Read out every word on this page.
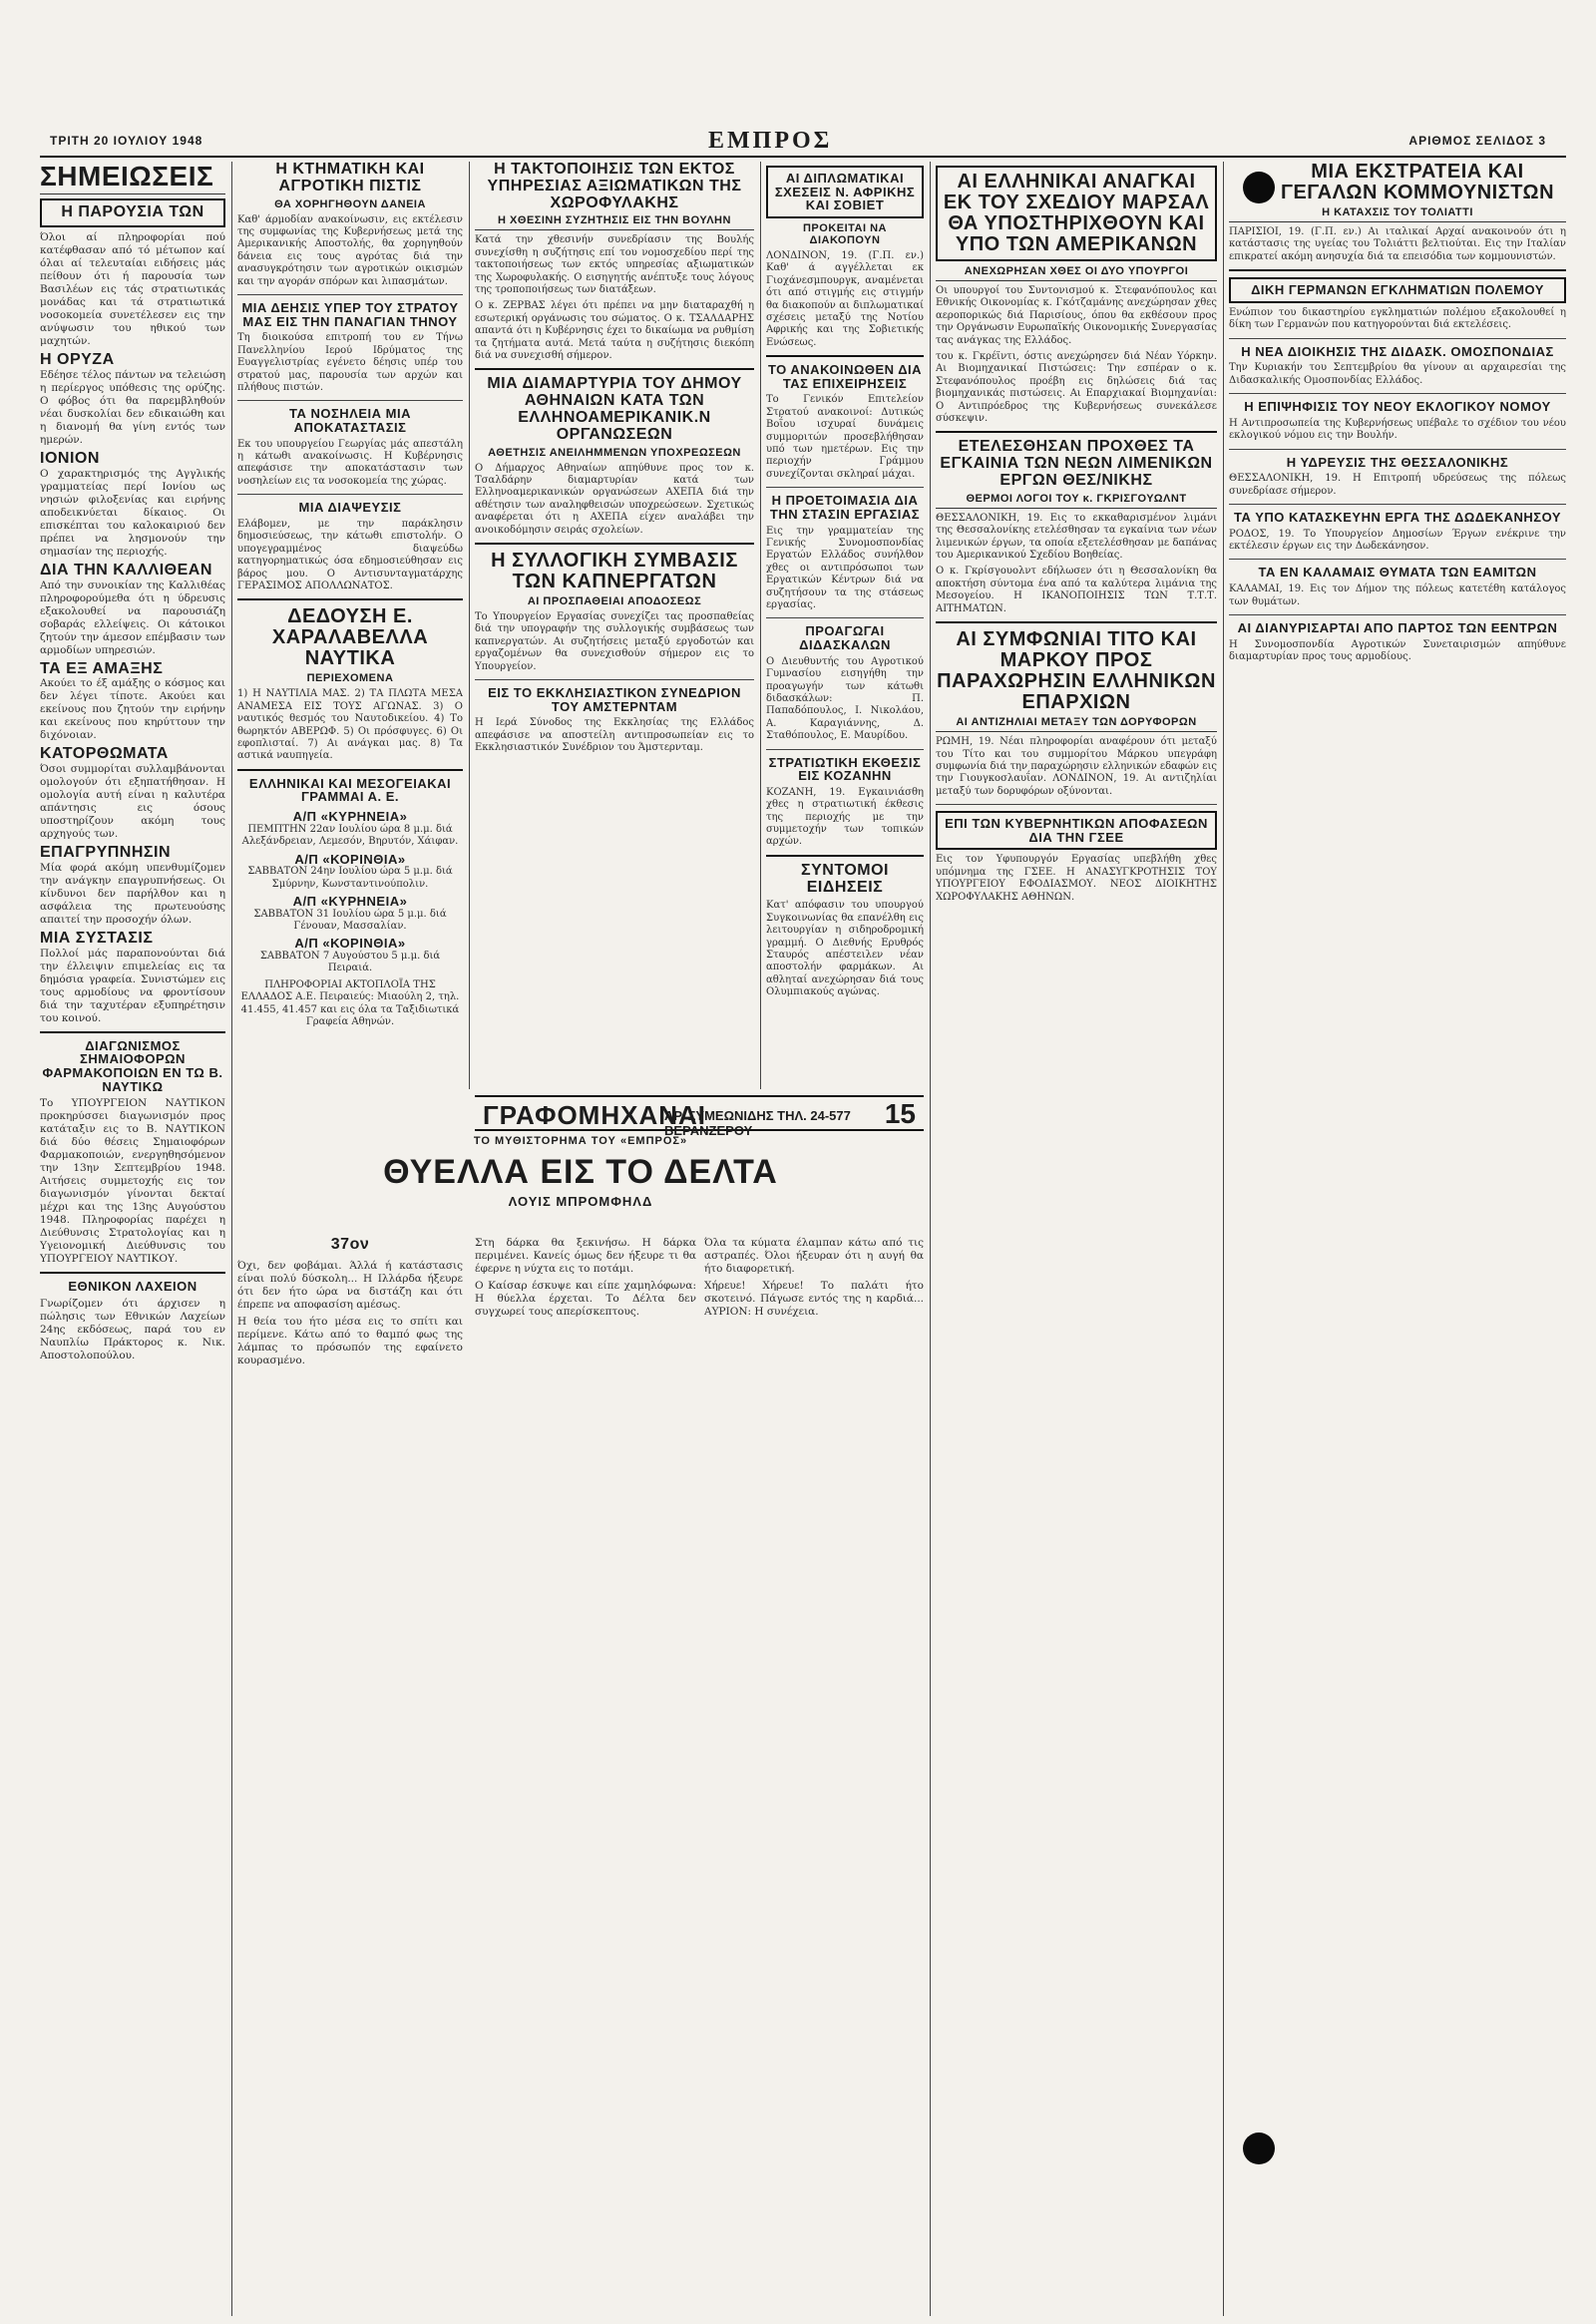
ΤΡΙΤΗ 20 ΙΟΥΛΙΟΥ 1948	ΕΜΠΡΟΣ	ΑΡΙΘΜΟΣ ΣΕΛΙΔΟΣ 3
ΣΗΜΕΙΩΣΕΙΣ
Η ΠΑΡΟΥΣΙΑ ΤΩΝ

Όλοι αί πληροφορίαι πού κατέφθασαν από τό μέτωπον καί όλαι αί τελευταίαι ειδήσεις μάς πείθουν ότι ή παρουσία των Βασιλέων εις τάς στρατιωτικάς μονάδας και τά στρατιωτικά νοσοκομεία συνετέλεσεν εις την ανύψωσιν του ηθικού των μαχητών.

Η ΟΡΥΖΑ

Εδέησε τέλος πάντων να τελειώση η περίεργος υπόθεσις της ορύζης. Ο φόβος ότι θα παρεμβληθούν νέαι δυσκολίαι δεν εδικαιώθη και η διανομή θα γίνη εντός των ημερών.

ΙΟΝΙΟΝ

Ο χαρακτηρισμός της Αγγλικής γραμματείας περί Ιονίου ως νησιών φιλοξενίας και ειρήνης αποδεικνύεται δίκαιος. Οι επισκέπται του καλοκαιριού δεν πρέπει να λησμονούν την σημασίαν της περιοχής.

ΔΙΑ ΤΗΝ ΚΑΛΛΙΘΕΑΝ

Από την συνοικίαν της Καλλιθέας πληροφορούμεθα ότι η ύδρευσις εξακολουθεί να παρουσιάζη σοβαράς ελλείψεις. Οι κάτοικοι ζητούν την άμεσον επέμβασιν των αρμοδίων υπηρεσιών.

ΤΑ ΕΞ ΑΜΑΞΗΣ

Ακούει το έξ αμάξης ο κόσμος και δεν λέγει τίποτε. Ακούει και εκείνους που ζητούν την ειρήνην και εκείνους που κηρύττουν την διχόνοιαν.

ΚΑΤΟΡΘΩΜΑΤΑ

Όσοι συμμορίται συλλαμβάνονται ομολογούν ότι εξηπατήθησαν. Η ομολογία αυτή είναι η καλυτέρα απάντησις εις όσους υποστηρίζουν ακόμη τους αρχηγούς των.

ΕΠΑΓΡΥΠΝΗΣΙΝ

Μία φορά ακόμη υπενθυμίζομεν την ανάγκην επαγρυπνήσεως. Οι κίνδυνοι δεν παρήλθον και η ασφάλεια της πρωτευούσης απαιτεί την προσοχήν όλων.

ΜΙΑ ΣΥΣΤΑΣΙΣ

Πολλοί μάς παραπονούνται διά την έλλειψιν επιμελείας εις τα δημόσια γραφεία. Συνιστώμεν εις τους αρμοδίους να φροντίσουν διά την ταχυτέραν εξυπηρέτησιν του κοινού.

ΔΙΑΓΩΝΙΣΜΟΣ ΣΗΜΑΙΟΦΟΡΩΝ ΦΑΡΜΑΚΟΠΟΙΩΝ ΕΝ ΤΩ Β. ΝΑΥΤΙΚΩ

Το ΥΠΟΥΡΓΕΙΟΝ ΝΑΥΤΙΚΟΝ προκηρύσσει διαγωνισμόν προς κατάταξιν εις το Β. ΝΑΥΤΙΚΟΝ διά δύο θέσεις Σημαιοφόρων Φαρμακοποιών, ενεργηθησόμενον την 13ην Σεπτεμβρίου 1948. Αιτήσεις συμμετοχής εις τον διαγωνισμόν γίνονται δεκταί μέχρι και της 13ης Αυγούστου 1948. Πληροφορίας παρέχει η Διεύθυνσις Στρατολογίας και η Υγειονομική Διεύθυνσις του ΥΠΟΥΡΓΕΙΟΥ ΝΑΥΤΙΚΟΥ.

ΕΘΝΙΚΟΝ ΛΑΧΕΙΟΝ

Γνωρίζομεν ότι άρχισεν η πώλησις των Εθνικών Λαχείων 24ης εκδόσεως, παρά του εν Ναυπλίω Πράκτορος κ. Νικ. Αποστολοπούλου.

Η ΚΤΗΜΑΤΙΚΗ ΚΑΙ ΑΓΡΟΤΙΚΗ ΠΙΣΤΙΣ
ΘΑ ΧΟΡΗΓΗΘΟΥΝ ΔΑΝΕΙΑ

Καθ' άρμοδίαν ανακοίνωσιν, εις εκτέλεσιν της συμφωνίας της Κυβερνήσεως μετά της Αμερικανικής Αποστολής, θα χορηγηθούν δάνεια εις τους αγρότας διά την ανασυγκρότησιν των αγροτικών οικισμών και την αγοράν σπόρων και λιπασμάτων.

ΜΙΑ ΔΕΗΣΙΣ ΥΠΕΡ ΤΟΥ ΣΤΡΑΤΟΥ ΜΑΣ ΕΙΣ ΤΗΝ ΠΑΝΑΓΙΑΝ ΤΗΝΟΥ

Τη διοικούσα επιτροπή του εν Τήνω Πανελληνίου Ιερού Ιδρύματος της Ευαγγελιστρίας εγένετο δέησις υπέρ του στρατού μας, παρουσία των αρχών και πλήθους πιστών.

ΤΑ ΝΟΣΗΛΕΙΑ ΜΙΑ ΑΠΟΚΑΤΑΣΤΑΣΙΣ

Εκ του υπουργείου Γεωργίας μάς απεστάλη η κάτωθι ανακοίνωσις. Η Κυβέρνησις απεφάσισε την αποκατάστασιν των νοσηλείων εις τα νοσοκομεία της χώρας.

ΜΙΑ ΔΙΑΨΕΥΣΙΣ

Ελάβομεν, με την παράκλησιν δημοσιεύσεως, την κάτωθι επιστολήν. Ο υπογεγραμμένος διαψεύδω κατηγορηματικώς όσα εδημοσιεύθησαν εις βάρος μου. Ο Αντισυνταγματάρχης ΓΕΡΑΣΙΜΟΣ ΑΠΟΛΛΩΝΑΤΟΣ.

ΔΕΔΟΥΣΗ Ε. ΧΑΡΑΛΑΒΕΛΛΑ ΝΑΥΤΙΚΑ
ΠΕΡΙΕΧΟΜΕΝΑ

1) Η ΝΑΥΤΙΛΙΑ ΜΑΣ. 2) ΤΑ ΠΛΩΤΑ ΜΕΣΑ ΑΝΑΜΕΣΑ ΕΙΣ ΤΟΥΣ ΑΓΩΝΑΣ. 3) Ο ναυτικός θεσμός του Ναυτοδικείου. 4) Το θωρηκτόν ΑΒΕΡΩΦ. 5) Οι πρόσφυγες. 6) Οι εφοπλισταί. 7) Αι ανάγκαι μας. 8) Τα αστικά ναυπηγεία.

ΕΛΛΗΝΙΚΑΙ ΚΑΙ ΜΕΣΟΓΕΙΑΚΑΙ ΓΡΑΜΜΑΙ Α. Ε.
Α/Π «ΚΥΡΗΝΕΙΑ»

ΠΕΜΠΤΗΝ 22αν Ιουλίου ώρα 8 μ.μ. διά Αλεξάνδρειαν, Λεμεσόν, Βηρυτόν, Χάιφαν.

Α/Π «ΚΟΡΙΝΘΙΑ»

ΣΑΒΒΑΤΟΝ 24ην Ιουλίου ώρα 5 μ.μ. διά Σμύρνην, Κωνσταντινούπολιν.

Α/Π «ΚΥΡΗΝΕΙΑ»

ΣΑΒΒΑΤΟΝ 31 Ιουλίου ώρα 5 μ.μ. διά Γένουαν, Μασσαλίαν.

Α/Π «ΚΟΡΙΝΘΙΑ»

ΣΑΒΒΑΤΟΝ 7 Αυγούστου 5 μ.μ. διά Πειραιά.

ΠΛΗΡΟΦΟΡΙΑΙ ΑΚΤΟΠΛΟΪΑ ΤΗΣ ΕΛΛΑΔΟΣ Α.Ε. Πειραιεύς: Μιαούλη 2, τηλ. 41.455, 41.457 και εις όλα τα Ταξιδιωτικά Γραφεία Αθηνών.

Η ΤΑΚΤΟΠΟΙΗΣΙΣ ΤΩΝ ΕΚΤΟΣ ΥΠΗΡΕΣΙΑΣ ΑΞΙΩΜΑΤΙΚΩΝ ΤΗΣ ΧΩΡΟΦΥΛΑΚΗΣ
Η ΧΘΕΣΙΝΗ ΣΥΖΗΤΗΣΙΣ ΕΙΣ ΤΗΝ ΒΟΥΛΗΝ

Κατά την χθεσινήν συνεδρίασιν της Βουλής συνεχίσθη η συζήτησις επί του νομοσχεδίου περί της τακτοποιήσεως των εκτός υπηρεσίας αξιωματικών της Χωροφυλακής. Ο εισηγητής ανέπτυξε τους λόγους της τροποποιήσεως των διατάξεων.

Ο κ. ΖΕΡΒΑΣ λέγει ότι πρέπει να μην διαταραχθή η εσωτερική οργάνωσις του σώματος. Ο κ. ΤΣΑΛΔΑΡΗΣ απαντά ότι η Κυβέρνησις έχει το δικαίωμα να ρυθμίση τα ζητήματα αυτά. Μετά ταύτα η συζήτησις διεκόπη διά να συνεχισθή σήμερον.

ΜΙΑ ΔΙΑΜΑΡΤΥΡΙΑ ΤΟΥ ΔΗΜΟΥ ΑΘΗΝΑΙΩΝ ΚΑΤΑ ΤΩΝ ΕΛΛΗΝΟΑΜΕΡΙΚΑΝΙΚ.Ν ΟΡΓΑΝΩΣΕΩΝ
ΑΘΕΤΗΣΙΣ ΑΝΕΙΛΗΜΜΕΝΩΝ ΥΠΟΧΡΕΩΣΕΩΝ

Ο Δήμαρχος Αθηναίων απηύθυνε προς τον κ. Τσαλδάρην διαμαρτυρίαν κατά των Ελληνοαμερικανικών οργανώσεων ΑΧΕΠΑ διά την αθέτησιν των αναληφθεισών υποχρεώσεων. Σχετικώς αναφέρεται ότι η ΑΧΕΠΑ είχεν αναλάβει την ανοικοδόμησιν σειράς σχολείων.

Η ΣΥΛΛΟΓΙΚΗ ΣΥΜΒΑΣΙΣ ΤΩΝ ΚΑΠΝΕΡΓΑΤΩΝ
ΑΙ ΠΡΟΣΠΑΘΕΙΑΙ ΑΠΟΔΟΣΕΩΣ

Το Υπουργείον Εργασίας συνεχίζει τας προσπαθείας διά την υπογραφήν της συλλογικής συμβάσεως των καπνεργατών. Αι συζητήσεις μεταξύ εργοδοτών και εργαζομένων θα συνεχισθούν σήμερον εις το Υπουργείον.

ΕΙΣ ΤΟ ΕΚΚΛΗΣΙΑΣΤΙΚΟΝ ΣΥΝΕΔΡΙΟΝ ΤΟΥ ΑΜΣΤΕΡΝΤΑΜ

Η Ιερά Σύνοδος της Εκκλησίας της Ελλάδος απεφάσισε να αποστείλη αντιπροσωπείαν εις το Εκκλησιαστικόν Συνέδριον του Άμστερνταμ.

ΑΙ ΔΙΠΛΩΜΑΤΙΚΑΙ ΣΧΕΣΕΙΣ Ν. ΑΦΡΙΚΗΣ ΚΑΙ ΣΟΒΙΕΤ
ΠΡΟΚΕΙΤΑΙ ΝΑ ΔΙΑΚΟΠΟΥΝ

ΛΟΝΔΙΝΟΝ, 19. (Γ.Π. εν.) Καθ' ά αγγέλλεται εκ Γιοχάνεσμπουργκ, αναμένεται ότι από στιγμής εις στιγμήν θα διακοπούν αι διπλωματικαί σχέσεις μεταξύ της Νοτίου Αφρικής και της Σοβιετικής Ενώσεως.

ΤΟ ΑΝΑΚΟΙΝΩΘΕΝ ΔΙΑ ΤΑΣ ΕΠΙΧΕΙΡΗΣΕΙΣ

Το Γενικόν Επιτελείον Στρατού ανακοινοί: Δυτικώς Βοΐου ισχυραί δυνάμεις συμμοριτών προσεβλήθησαν υπό των ημετέρων. Εις την περιοχήν Γράμμου συνεχίζονται σκληραί μάχαι.

Η ΠΡΟΕΤΟΙΜΑΣΙΑ ΔΙΑ ΤΗΝ ΣΤΑΣΙΝ ΕΡΓΑΣΙΑΣ

Εις την γραμματείαν της Γενικής Συνομοσπονδίας Εργατών Ελλάδος συνήλθον χθες οι αντιπρόσωποι των Εργατικών Κέντρων διά να συζητήσουν τα της στάσεως εργασίας.

ΠΡΟΑΓΩΓΑΙ ΔΙΔΑΣΚΑΛΩΝ

Ο Διευθυντής του Αγροτικού Γυμνασίου εισηγήθη την προαγωγήν των κάτωθι διδασκάλων: Π. Παπαδόπουλος, Ι. Νικολάου, Α. Καραγιάννης, Δ. Σταθόπουλος, Ε. Μαυρίδου.

ΣΤΡΑΤΙΩΤΙΚΗ ΕΚΘΕΣΙΣ ΕΙΣ ΚΟΖΑΝΗΝ

ΚΟΖΑΝΗ, 19. Εγκαινιάσθη χθες η στρατιωτική έκθεσις της περιοχής με την συμμετοχήν των τοπικών αρχών.

ΣΥΝΤΟΜΟΙ ΕΙΔΗΣΕΙΣ

Κατ' απόφασιν του υπουργού Συγκοινωνίας θα επανέλθη εις λειτουργίαν η σιδηροδρομική γραμμή. Ο Διεθνής Ερυθρός Σταυρός απέστειλεν νέαν αποστολήν φαρμάκων. Αι αθληταί ανεχώρησαν διά τους Ολυμπιακούς αγώνας.

ΑΙ ΕΛΛΗΝΙΚΑΙ ΑΝΑΓΚΑΙ ΕΚ ΤΟΥ ΣΧΕΔΙΟΥ ΜΑΡΣΑΛ ΘΑ ΥΠΟΣΤΗΡΙΧΘΟΥΝ ΚΑΙ ΥΠΟ ΤΩΝ ΑΜΕΡΙΚΑΝΩΝ
ΑΝΕΧΩΡΗΣΑΝ ΧΘΕΣ ΟΙ ΔΥΟ ΥΠΟΥΡΓΟΙ

Οι υπουργοί του Συντονισμού κ. Στεφανόπουλος και Εθνικής Οικονομίας κ. Γκότζαμάνης ανεχώρησαν χθες αεροπορικώς διά Παρισίους, όπου θα εκθέσουν προς την Οργάνωσιν Ευρωπαϊκής Οικονομικής Συνεργασίας τας ανάγκας της Ελλάδος.

του κ. Γκρέϊντι, όστις ανεχώρησεν διά Νέαν Υόρκην. Αι Βιομηχανικαί Πιστώσεις: Την εσπέραν ο κ. Στεφανόπουλος προέβη εις δηλώσεις διά τας βιομηχανικάς πιστώσεις. Αι Επαρχιακαί Βιομηχανίαι: Ο Αντιπρόεδρος της Κυβερνήσεως συνεκάλεσε σύσκεψιν.

ΕΤΕΛΕΣΘΗΣΑΝ ΠΡΟΧΘΕΣ ΤΑ ΕΓΚΑΙΝΙΑ ΤΩΝ ΝΕΩΝ ΛΙΜΕΝΙΚΩΝ ΕΡΓΩΝ ΘΕΣ/ΝΙΚΗΣ
ΘΕΡΜΟΙ ΛΟΓΟΙ ΤΟΥ κ. ΓΚΡΙΣΓΟΥΩΛΝΤ

ΘΕΣΣΑΛΟΝΙΚΗ, 19. Εις το εκκαθαρισμένον λιμάνι της Θεσσαλονίκης ετελέσθησαν τα εγκαίνια των νέων λιμενικών έργων, τα οποία εξετελέσθησαν με δαπάνας του Αμερικανικού Σχεδίου Βοηθείας.

Ο κ. Γκρίσγουολντ εδήλωσεν ότι η Θεσσαλονίκη θα αποκτήση σύντομα ένα από τα καλύτερα λιμάνια της Μεσογείου. Η ΙΚΑΝΟΠΟΙΗΣΙΣ ΤΩΝ Τ.Τ.Τ. ΑΙΤΗΜΑΤΩΝ.

ΑΙ ΣΥΜΦΩΝΙΑΙ ΤΙΤΟ ΚΑΙ ΜΑΡΚΟΥ ΠΡΟΣ ΠΑΡΑΧΩΡΗΣΙΝ ΕΛΛΗΝΙΚΩΝ ΕΠΑΡΧΙΩΝ
ΑΙ ΑΝΤΙΖΗΛΙΑΙ ΜΕΤΑΞΥ ΤΩΝ ΔΟΡΥΦΟΡΩΝ

ΡΩΜΗ, 19. Νέαι πληροφορίαι αναφέρουν ότι μεταξύ του Τίτο και του συμμορίτου Μάρκου υπεγράφη συμφωνία διά την παραχώρησιν ελληνικών εδαφών εις την Γιουγκοσλαυΐαν. ΛΟΝΔΙΝΟΝ, 19. Αι αντιζηλίαι μεταξύ των δορυφόρων οξύνονται.

ΕΠΙ ΤΩΝ ΚΥΒΕΡΝΗΤΙΚΩΝ ΑΠΟΦΑΣΕΩΝ ΔΙΑ ΤΗΝ ΓΣΕΕ

Εις τον Υφυπουργόν Εργασίας υπεβλήθη χθες υπόμνημα της ΓΣΕΕ. Η ΑΝΑΣΥΓΚΡΟΤΗΣΙΣ ΤΟΥ ΥΠΟΥΡΓΕΙΟΥ ΕΦΟΔΙΑΣΜΟΥ. ΝΕΟΣ ΔΙΟΙΚΗΤΗΣ ΧΩΡΟΦΥΛΑΚΗΣ ΑΘΗΝΩΝ.

ΜΙΑ ΕΚΣΤΡΑΤΕΙΑ ΚΑΙ ΓΕΓΑΛΩΝ ΚΟΜΜΟΥΝΙΣΤΩΝ
Η ΚΑΤΑΧΣΙΣ ΤΟΥ ΤΟΛΙΑΤΤΙ

ΠΑΡΙΣΙΟΙ, 19. (Γ.Π. εν.) Αι ιταλικαί Αρχαί ανακοινούν ότι η κατάστασις της υγείας του Τολιάττι βελτιούται. Εις την Ιταλίαν επικρατεί ακόμη ανησυχία διά τα επεισόδια των κομμουνιστών.

ΔΙΚΗ ΓΕΡΜΑΝΩΝ ΕΓΚΛΗΜΑΤΙΩΝ ΠΟΛΕΜΟΥ

Ενώπιον του δικαστηρίου εγκληματιών πολέμου εξακολουθεί η δίκη των Γερμανών που κατηγορούνται διά εκτελέσεις.

Η ΝΕΑ ΔΙΟΙΚΗΣΙΣ ΤΗΣ ΔΙΔΑΣΚ. ΟΜΟΣΠΟΝΔΙΑΣ

Την Κυριακήν του Σεπτεμβρίου θα γίνουν αι αρχαιρεσίαι της Διδασκαλικής Ομοσπονδίας Ελλάδος.

Η ΕΠΙΨΗΦΙΣΙΣ ΤΟΥ ΝΕΟΥ ΕΚΛΟΓΙΚΟΥ ΝΟΜΟΥ

Η Αντιπροσωπεία της Κυβερνήσεως υπέβαλε το σχέδιον του νέου εκλογικού νόμου εις την Βουλήν.

Η ΥΔΡΕΥΣΙΣ ΤΗΣ ΘΕΣΣΑΛΟΝΙΚΗΣ

ΘΕΣΣΑΛΟΝΙΚΗ, 19. Η Επιτροπή υδρεύσεως της πόλεως συνεδρίασε σήμερον.

ΤΑ ΥΠΟ ΚΑΤΑΣΚΕΥΗΝ ΕΡΓΑ ΤΗΣ ΔΩΔΕΚΑΝΗΣΟΥ

ΡΟΔΟΣ, 19. Το Υπουργείον Δημοσίων Έργων ενέκρινε την εκτέλεσιν έργων εις την Δωδεκάνησον.

ΤΑ ΕΝ ΚΑΛΑΜΑΙΣ ΘΥΜΑΤΑ ΤΩΝ ΕΑΜΙΤΩΝ

ΚΑΛΑΜΑΙ, 19. Εις τον Δήμον της πόλεως κατετέθη κατάλογος των θυμάτων.

ΑΙ ΔΙΑΝΥΡΙΣΑΡΤΑΙ ΑΠΟ ΠΑΡΤΟΣ ΤΩΝ ΕΕΝΤΡΩΝ

Η Συνομοσπονδία Αγροτικών Συνεταιρισμών απηύθυνε διαμαρτυρίαν προς τους αρμοδίους.

ΓΡΑΦΟΜΗΧΑΝΑΙ
ΑΡ. ΣΥΜΕΩΝΙΔΗΣ ΤΗΛ. 24-577 ΒΕΡΑΝΖΕΡΟΥ
15
ΤΟ ΜΥΘΙΣΤΟΡΗΜΑ ΤΟΥ «ΕΜΠΡΟΣ»
ΘΥΕΛΛΑ ΕΙΣ ΤΟ ΔΕΛΤΑ
ΛΟΥΙΣ ΜΠΡΟΜΦΗΛΔ
37ον

Όχι, δεν φοβάμαι. Άλλά ή κατάστασις είναι πολύ δύσκολη... Η Ιλλάρδα ήξευρε ότι δεν ήτο ώρα να διστάζη και ότι έπρεπε να αποφασίση αμέσως.

Η θεία του ήτο μέσα εις το σπίτι και περίμενε. Κάτω από το θαμπό φως της λάμπας το πρόσωπόν της εφαίνετο κουρασμένο.

Στη δάρκα θα ξεκινήσω. Η δάρκα περιμένει. Κανείς όμως δεν ήξευρε τι θα έφερνε η νύχτα εις το ποτάμι.

Ο Καίσαρ έσκυψε και είπε χαμηλόφωνα: Η θύελλα έρχεται. Το Δέλτα δεν συγχωρεί τους απερίσκεπτους.

Όλα τα κύματα έλαμπαν κάτω από τις αστραπές. Όλοι ήξευραν ότι η αυγή θα ήτο διαφορετική.

Χήρευε! Χήρευε! Το παλάτι ήτο σκοτεινό. Πάγωσε εντός της η καρδιά... ΑΥΡΙΟΝ: Η συνέχεια.
